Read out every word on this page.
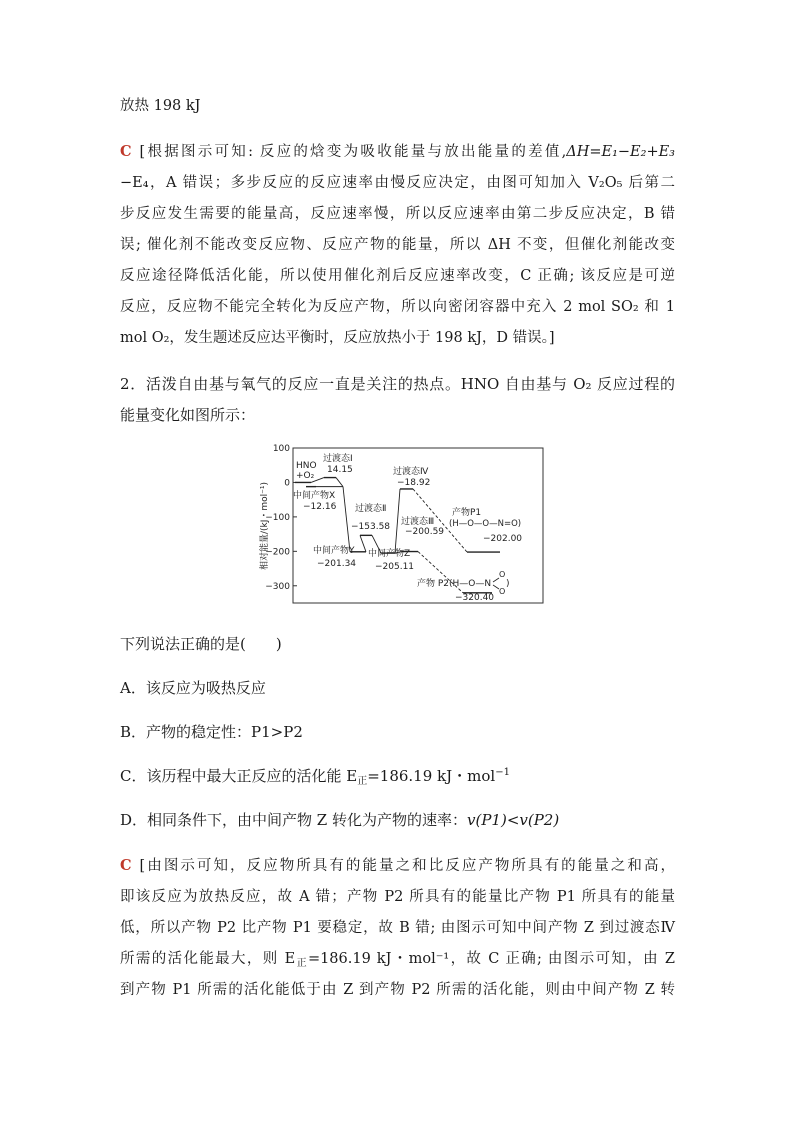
放热 198 kJ
C [根据图示可知: 反应的焓变为吸收能量与放出能量的差值,ΔH=E₁−E₂+E₃
−E₄，A 错误；多步反应的反应速率由慢反应决定，由图可知加入 V₂O₅ 后第二
步反应发生需要的能量高，反应速率慢，所以反应速率由第二步反应决定，B 错
误; 催化剂不能改变反应物、反应产物的能量，所以 ΔH 不变，但催化剂能改变
反应途径降低活化能，所以使用催化剂后反应速率改变，C 正确; 该反应是可逆
反应，反应物不能完全转化为反应产物，所以向密闭容器中充入 2 mol SO₂ 和 1
mol O₂，发生题述反应达平衡时，反应放热小于 198 kJ，D 错误。]
2．活泼自由基与氧气的反应一直是关注的热点。HNO 自由基与 O₂ 反应过程的
能量变化如图所示：
相对能量/(kJ・mol⁻¹)
100
0
−100
−200
−300
HNO
+O₂
过渡态Ⅰ
14.15
中间产物X
−12.16
过渡态Ⅳ
−18.92
过渡态Ⅱ
−153.58 过渡态Ⅲ
−200.59
产物P1
(H—O—O—N=O)
−202.00
中间产物Y
−201.34
中间产物Z
−205.11
产物 P2(H—O—N
O
O
)
−320.40
下列说法正确的是(　　)
A．该反应为吸热反应
B．产物的稳定性：P1>P2
C．该历程中最大正反应的活化能 $E_正=186.19$ kJ・mol$^{-1}$
D．相同条件下，由中间产物 Z 转化为产物的速率：v(P1)<v(P2)
C [由图示可知，反应物所具有的能量之和比反应产物所具有的能量之和高，
即该反应为放热反应，故 A 错；产物 P2 所具有的能量比产物 P1 所具有的能量
低，所以产物 P2 比产物 P1 要稳定，故 B 错; 由图示可知中间产物 Z 到过渡态Ⅳ
所需的活化能最大，则 $E_正=186.19$ kJ・mol⁻¹，故 C 正确; 由图示可知，由 Z
到产物 P1 所需的活化能低于由 Z 到产物 P2 所需的活化能，则由中间产物 Z 转
